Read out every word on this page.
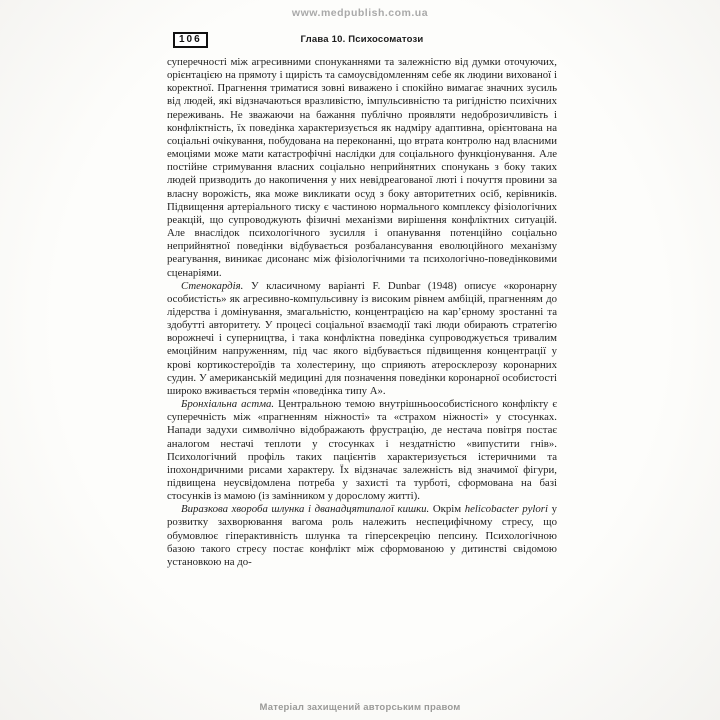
www.medpublish.com.ua
106	Глава 10. Психосоматози

суперечності між агресивними спонуканнями та залежністю від думки оточуючих, орієнтацією на прямоту і щирість та самоусвідомленням себе як людини вихованої і коректної. Прагнення триматися зовні виважено і спокійно вимагає значних зусиль від людей, які відзначаються вразливістю, імпульсивністю та ригідністю психічних переживань. Не зважаючи на бажання публічно проявляти недоброзичливість і конфліктність, їх поведінка характеризується як надміру адаптивна, орієнтована на соціальні очікування, побудована на переконанні, що втрата контролю над власними емоціями може мати катастрофічні наслідки для соціального функціонування. Але постійне стримування власних соціально неприйнятних спонукань з боку таких людей призводить до накопичення у них невідреагованої люті і почуття провини за власну ворожість, яка може викликати осуд з боку авторитетних осіб, керівників. Підвищення артеріального тиску є частиною нормального комплексу фізіологічних реакцій, що супроводжують фізичні механізми вирішення конфліктних ситуацій. Але внаслідок психологічного зусилля і опанування потенційно соціально неприйнятної поведінки відбувається розбалансування еволюційного механізму реагування, виникає дисонанс між фізіологічними та психологічно-поведінковими сценаріями.

Стенокардія. У класичному варіанті F. Dunbar (1948) описує «коронарну особистість» як агресивно-компульсивну із високим рівнем амбіцій, прагненням до лідерства і домінування, змагальністю, концентрацією на кар’єрному зростанні та здобутті авторитету. У процесі соціальної взаємодії такі люди обирають стратегію ворожнечі і суперництва, і така конфліктна поведінка супроводжується тривалим емоційним напруженням, під час якого відбувається підвищення концентрації у крові кортикостероїдів та холестерину, що сприяють атеросклерозу коронарних судин. У американській медицині для позначення поведінки коронарної особистості широко вживається термін «поведінка типу А».

Бронхіальна астма. Центральною темою внутрішньоособистісного конфлікту є суперечність між «прагненням ніжності» та «страхом ніжності» у стосунках. Напади задухи символічно відображають фрустрацію, де нестача повітря постає аналогом нестачі теплоти у стосунках і нездатністю «випустити гнів». Психологічний профіль таких пацієнтів характеризується істеричними та іпохондричними рисами характеру. Їх відзначає залежність від значимої фігури, підвищена неусвідомлена потреба у захисті та турботі, сформована на базі стосунків із мамою (із замінником у дорослому житті).

Виразкова хвороба шлунка і дванадцятипалої кишки. Окрім helicobacter pylori у розвитку захворювання вагома роль належить неспецифічному стресу, що обумовлює гіперактивність шлунка та гіперсекрецію пепсину. Психологічною базою такого стресу постає конфлікт між сформованою у дитинстві свідомою установкою на до-

Матеріал захищений авторським правом
